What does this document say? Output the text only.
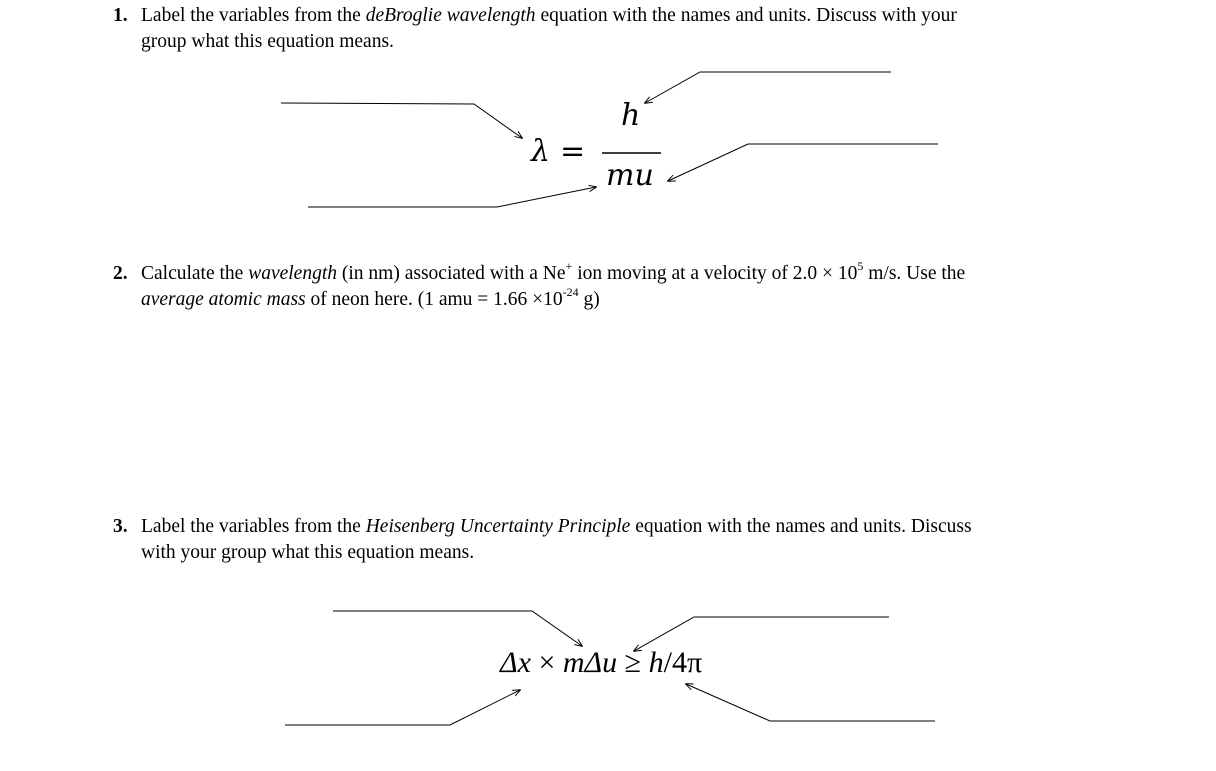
1. Label the variables from the deBroglie wavelength equation with the names and units. Discuss with your
group what this equation means.
λ =
h
mu
2. Calculate the wavelength (in nm) associated with a Ne+ ion moving at a velocity of $2.0 \times 10^5$ m/s. Use the
average atomic mass of neon here. (1 amu = $1.66 \times 10^{-24}$ g)
3. Label the variables from the Heisenberg Uncertainty Principle equation with the names and units. Discuss
with your group what this equation means.
Δx × mΔu ≥ h/4π
